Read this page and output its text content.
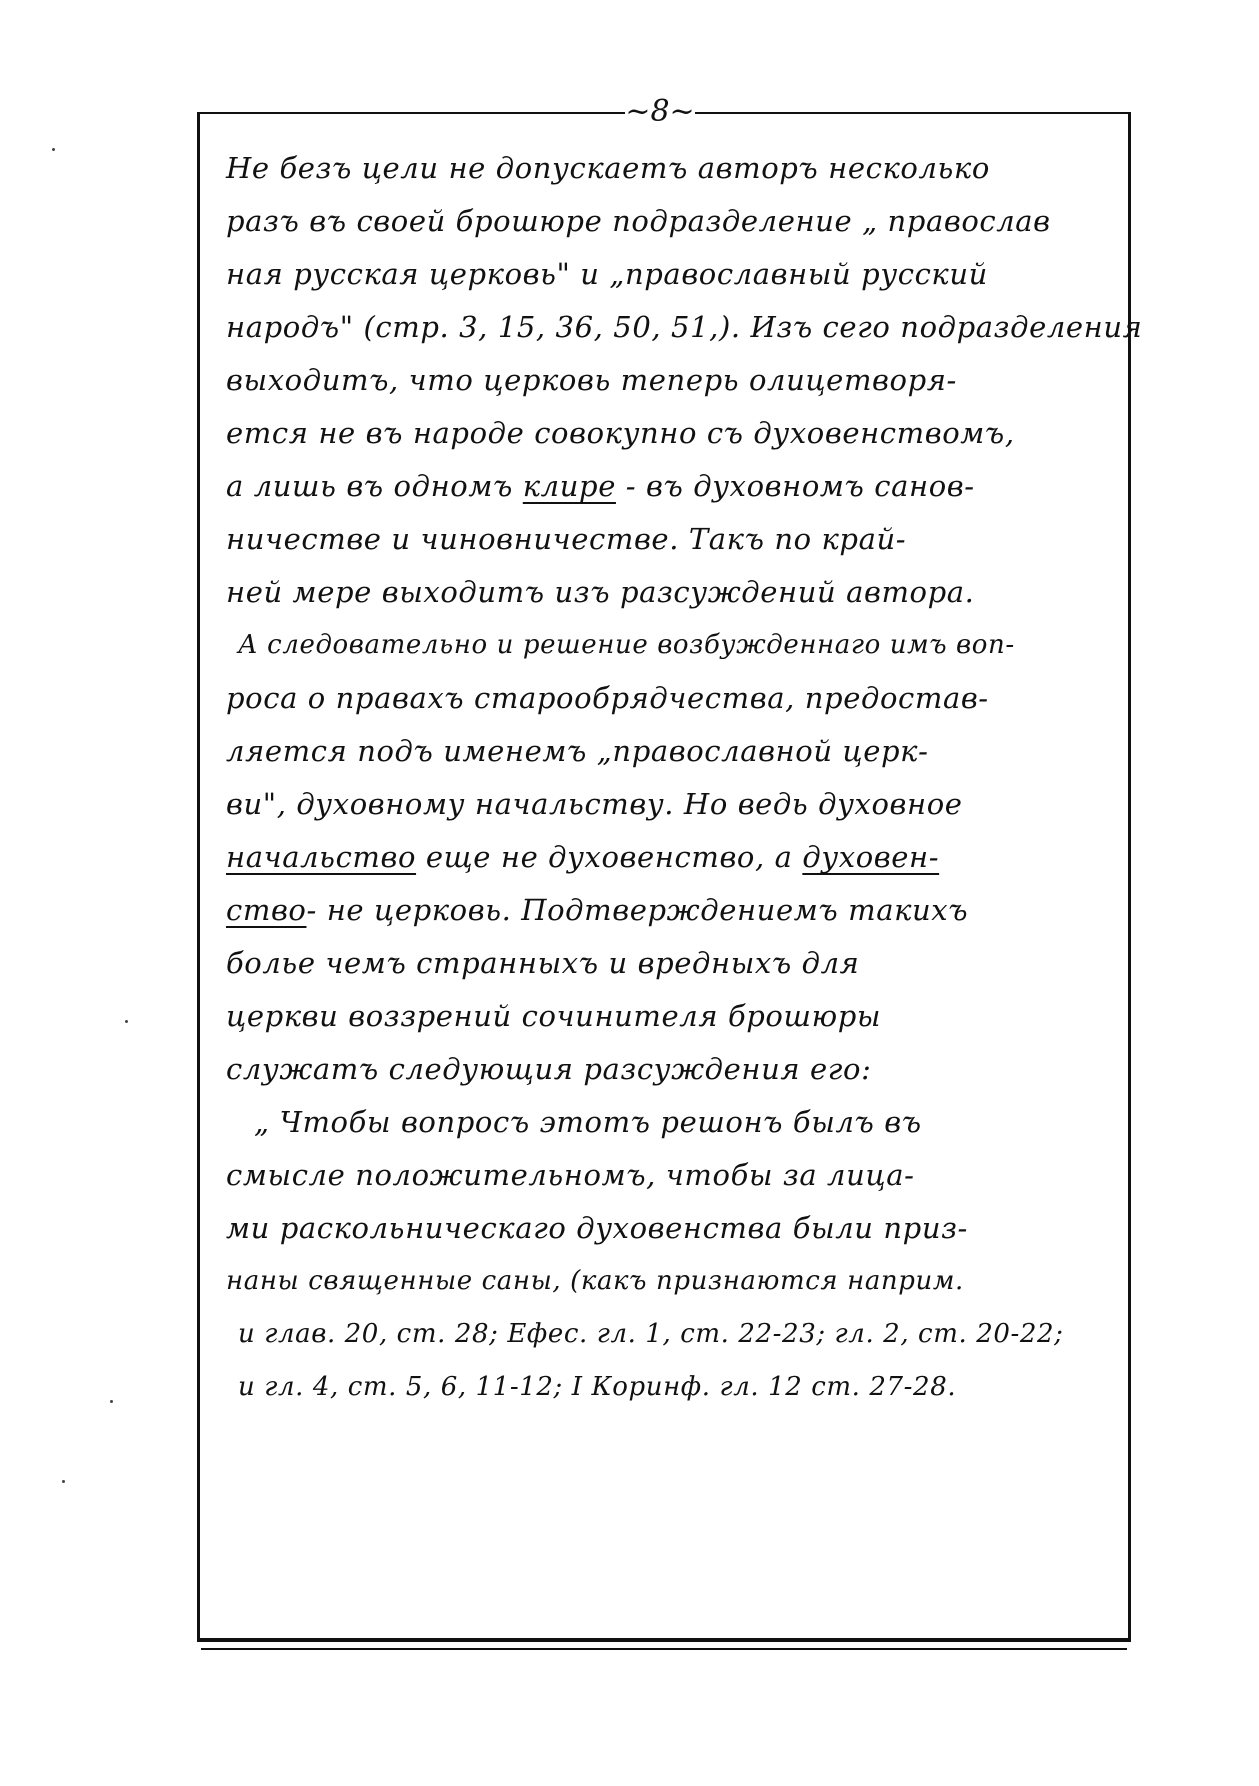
~8~
Не безъ цели не допускаетъ авторъ несколько
разъ въ своей брошюре подразделение „ православ
ная русская церковь" и „православный русский
народъ" (стр. 3, 15, 36, 50, 51,). Изъ сего подразделения
выходитъ, что церковь теперь олицетворя-
ется не въ народе совокупно съ духовенствомъ,
а лишь въ одномъ клире - въ духовномъ санов-
ничестве и чиновничестве. Такъ по край-
ней мере выходитъ изъ разсуждений автора.
А следовательно и решение возбужденнаго имъ воп-
роса о правахъ старообрядчества, предостав-
ляется подъ именемъ „православной церк-
ви", духовному начальству. Но ведь духовное
начальство еще не духовенство, а духовен-
ство- не церковь. Подтверждениемъ такихъ
болье чемъ странныхъ и вредныхъ для
церкви воззрений сочинителя брошюры
служатъ следующия разсуждения его:
„ Чтобы вопросъ этотъ решонъ былъ въ
смысле положительномъ, чтобы за лица-
ми раскольническаго духовенства были приз-
наны священные саны, (какъ признаются наприм.
и глав. 20, ст. 28; Ефес. гл. 1, ст. 22-23; гл. 2, ст. 20-22;
и гл. 4, ст. 5, 6, 11-12; I Коринф. гл. 12 ст. 27-28.
